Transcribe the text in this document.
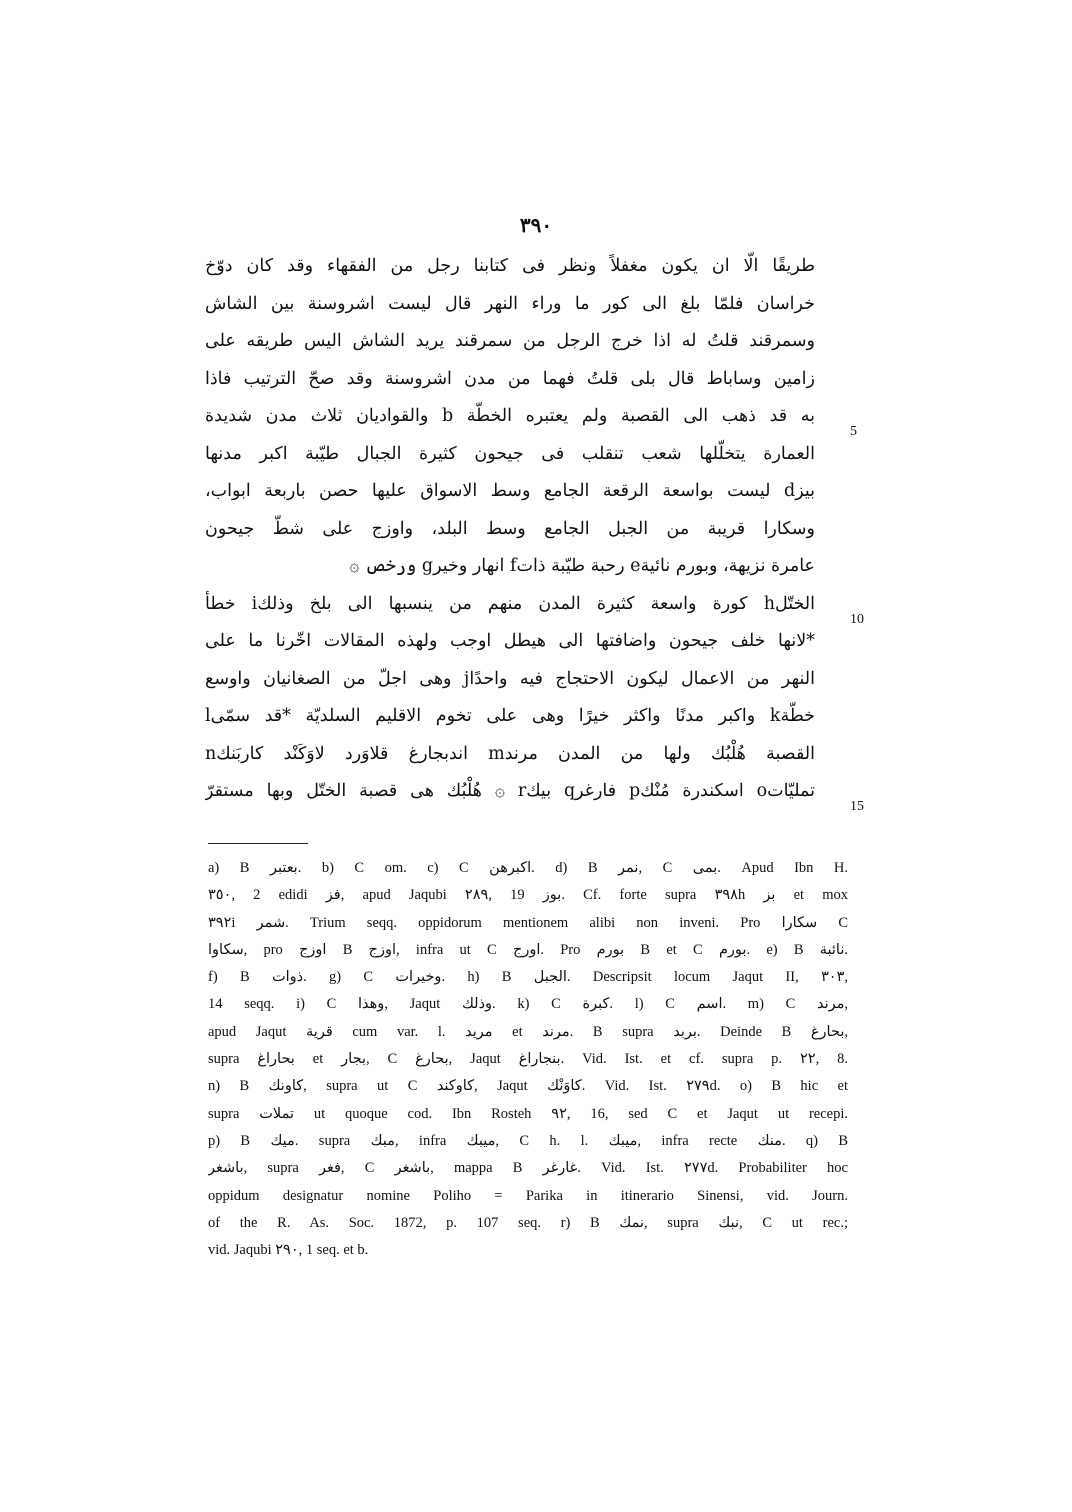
٣٩٠
طريقًا الّا ان يكون مغفلاً ونظر فى كتابنا رجل من الفقهاء وقد كان دوّخ
خراسان فلمّا بلغ الى كور ما وراء النهر قال ليست اشروسنة بين الشاش
وسمرقند قلتُ له اذا خرج الرجل من سمرقند يريد الشاش اليس طريقه على
زامين وساباط قال بلى قلتُ فهما من مدن اشروسنة وقد صحّ الترتيب فاذا
به قد ذهب الى القصبة ولم يعتبره الخطّة b والقواديان ثلاث مدن شديدة
العمارة يتخلّلها شعب تنقلب فى جيحون كثيرة الجبال طيّبة اكبر مدنها
بيزd ليست بواسعة الرقعة الجامع وسط الاسواق عليها حصن باربعة ابواب،
وسكارا قريبة من الجبل الجامع وسط البلد، واوزج على شطّ جيحون
عامرة نزيهة، وبورم نائيةe رحبة طيّبة ذاتf انهار وخيرg ورخص ۞
الختّلh كورة واسعة كثيرة المدن منهم من ينسبها الى بلخ وذلكi خطأ
*لانها خلف جيحون واضافتها الى هيطل اوجب ولهذه المقالات اخّرنا ما على
النهر من الاعمال ليكون الاحتجاج فيه واحدًاj وهى اجلّ من الصغانيان واوسع
خطّةk واكبر مدنًا واكثر خيرًا وهى على تخوم الاقليم السلديّة *قد سمّىl
القصبة هُلْبُك ولها من المدن مرندm اندبجارغ قلاوَرد لاوَكَنْد كاربَنكn
تمليّاتo اسكندرة مُنْكp فارغرq بيكr ۞ هُلْبُك هى قصبة الختّل وبها مستقرّ
5
10
15
a) B بعتبر. b) C om. c) C اكبرهن. d) B نمر, C بمى. Apud Ibn H.
٣٥٠, 2 edidi فز, apud Jaqubi ٢٨٩, 19 بوز. Cf. forte supra ٣٩٨h بز et mox
٣٩٢i شمر. Trium seqq. oppidorum mentionem alibi non inveni. Pro سكارا C
سكاوا, pro اوزج B اوزج, infra ut C اورج. Pro بورم B et C بورم. e) B نائبة.
f) B ذوات. g) C وخيرات. h) B الجبل. Descripsit locum Jaqut II, ٣٠٣,
14 seqq. i) C وهذا, Jaqut وذلك. k) C كبرة. l) C اسم. m) C مرند,
apud Jaqut قرية cum var. l. مريد et مرند. B supra بربد. Deinde B بحارغ,
supra بحاراغ et بجار, C بحارغ, Jaqut بنجاراغ. Vid. Ist. et cf. supra p. ٢٢, 8.
n) B كاونك, supra ut C كاوكند, Jaqut كاوَنْك. Vid. Ist. ٢٧٩d. o) B hic et
supra تملات ut quoque cod. Ibn Rosteh ٩٢, 16, sed C et Jaqut ut recepi.
p) B ميك. supra مبك, infra ميبك, C h. l. ميبك, infra recte منك. q) B
باشغر, supra فغر, C باشغر, mappa B غارغر. Vid. Ist. ٢٧٧d. Probabiliter hoc
oppidum designatur nomine Poliho = Parika in itinerario Sinensi, vid. Journ.
of the R. As. Soc. 1872, p. 107 seq. r) B نمك, supra نبك, C ut rec.;
vid. Jaqubi ٢٩٠, 1 seq. et b.
